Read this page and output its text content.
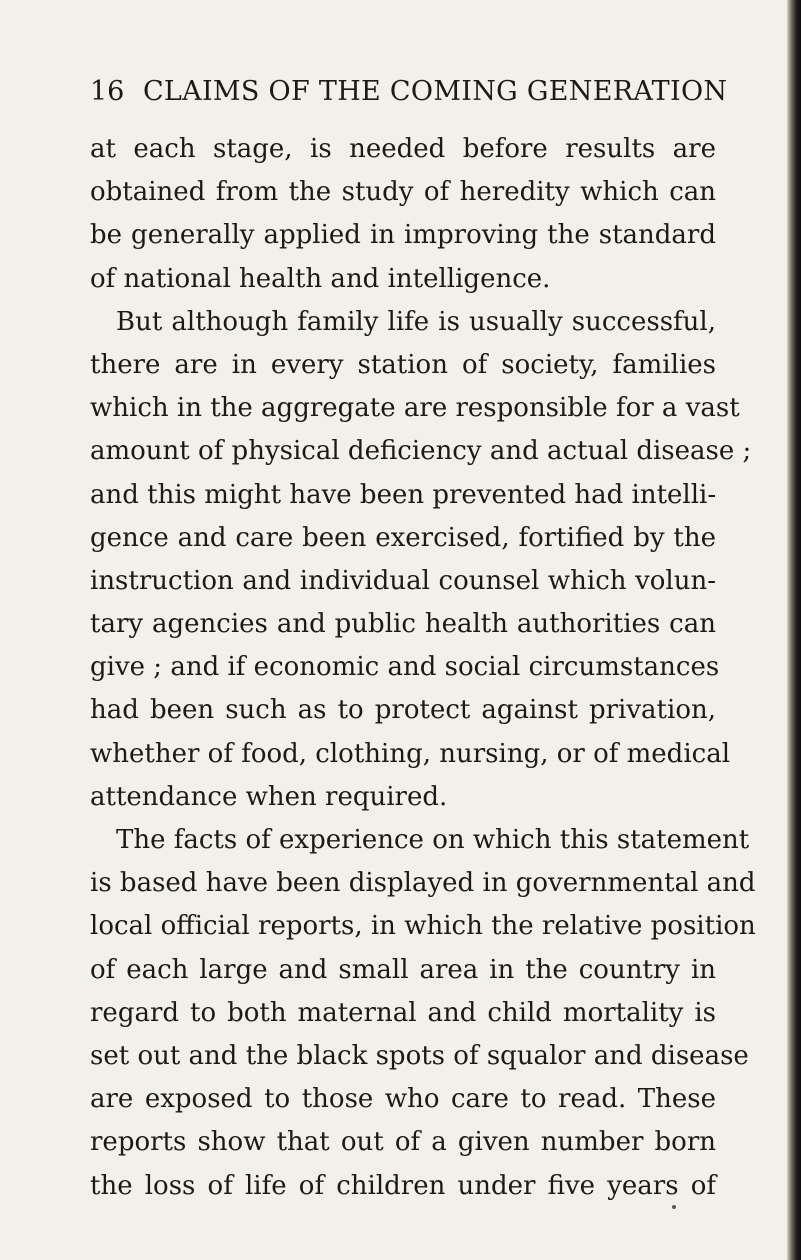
16 CLAIMS OF THE COMING GENERATION
at each stage, is needed before results are
obtained from the study of heredity which can
be generally applied in improving the standard
of national health and intelligence.
But although family life is usually successful,
there are in every station of society, families
which in the aggregate are responsible for a vast
amount of physical deficiency and actual disease ;
and this might have been prevented had intelli-
gence and care been exercised, fortified by the
instruction and individual counsel which volun-
tary agencies and public health authorities can
give ; and if economic and social circumstances
had been such as to protect against privation,
whether of food, clothing, nursing, or of medical
attendance when required.
The facts of experience on which this statement
is based have been displayed in governmental and
local official reports, in which the relative position
of each large and small area in the country in
regard to both maternal and child mortality is
set out and the black spots of squalor and disease
are exposed to those who care to read. These
reports show that out of a given number born
the loss of life of children under five years of
